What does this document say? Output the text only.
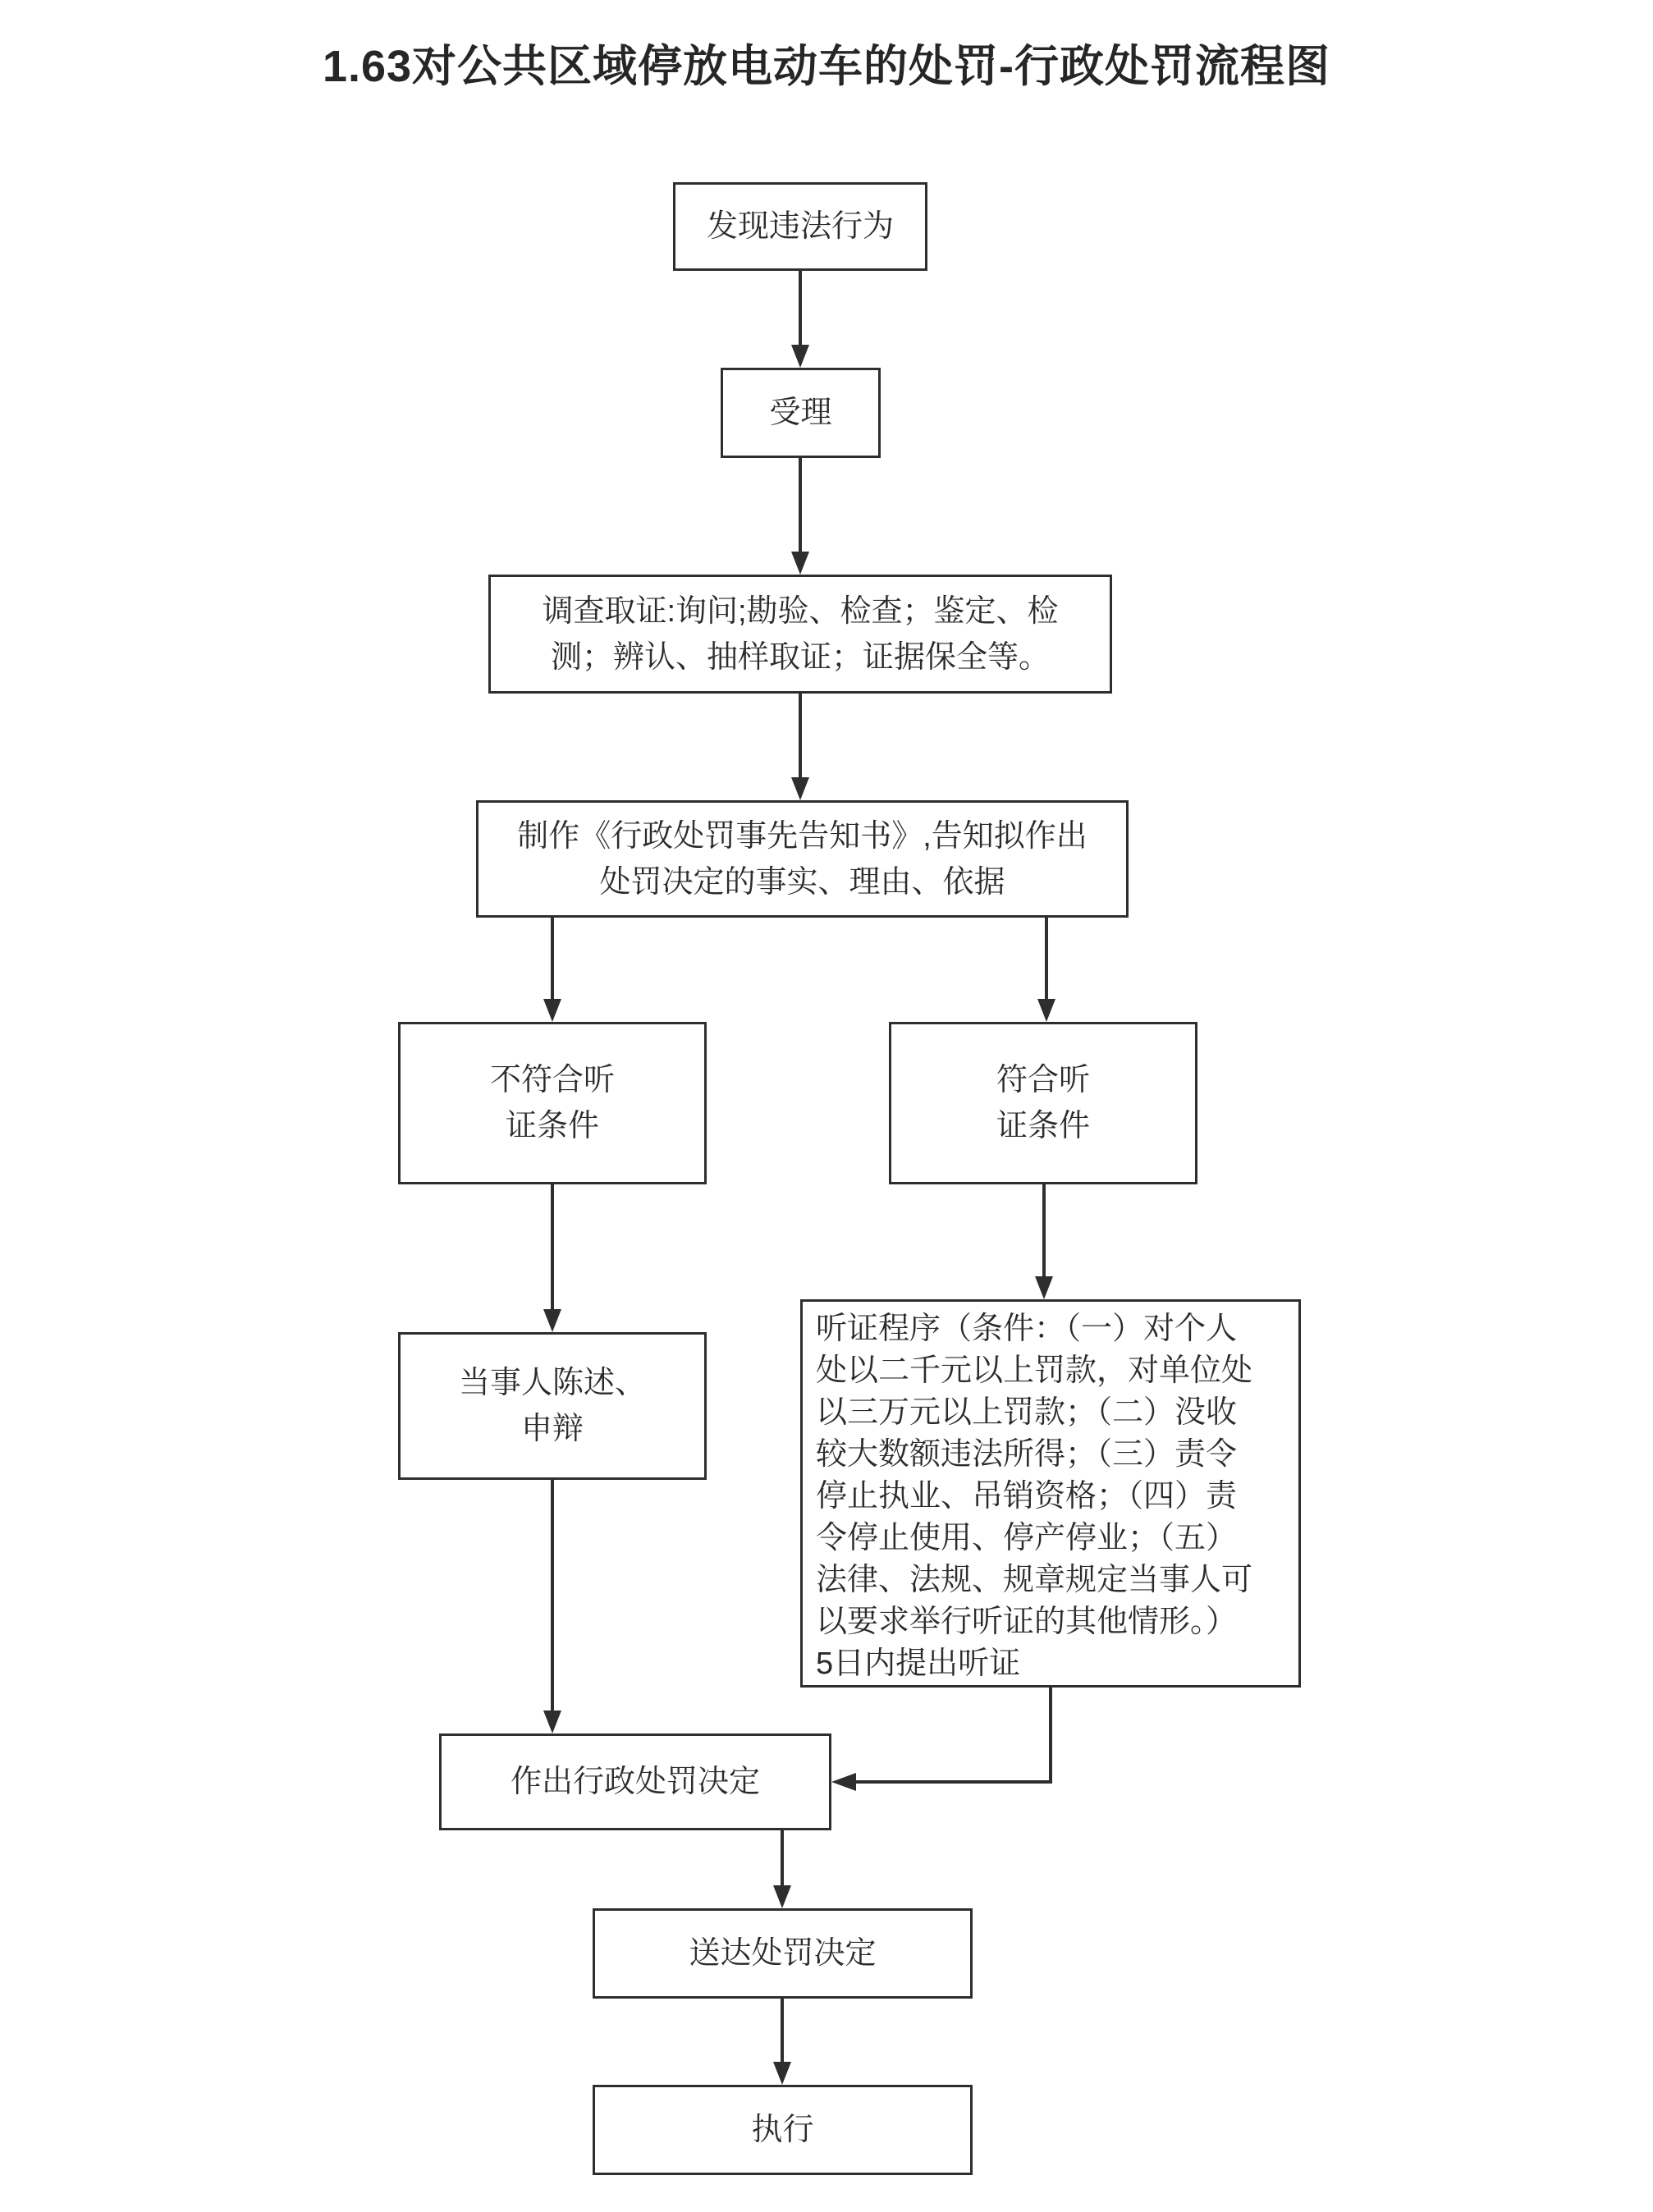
1.63对公共区域停放电动车的处罚-行政处罚流程图
发现违法行为
受理
调查取证:询问;勘验、检查；鉴定、检
测；辨认、抽样取证；证据保全等。
制作《行政处罚事先告知书》,告知拟作出
处罚决定的事实、理由、依据
不符合听
证条件
符合听
证条件
当事人陈述、
申辩
听证程序（条件：（一）对个人
处以二千元以上罚款，对单位处
以三万元以上罚款；（二）没收
较大数额违法所得；（三）责令
停止执业、吊销资格；（四）责
令停止使用、停产停业；（五）
法律、法规、规章规定当事人可
以要求举行听证的其他情形。）
5日内提出听证
作出行政处罚决定
送达处罚决定
执行
